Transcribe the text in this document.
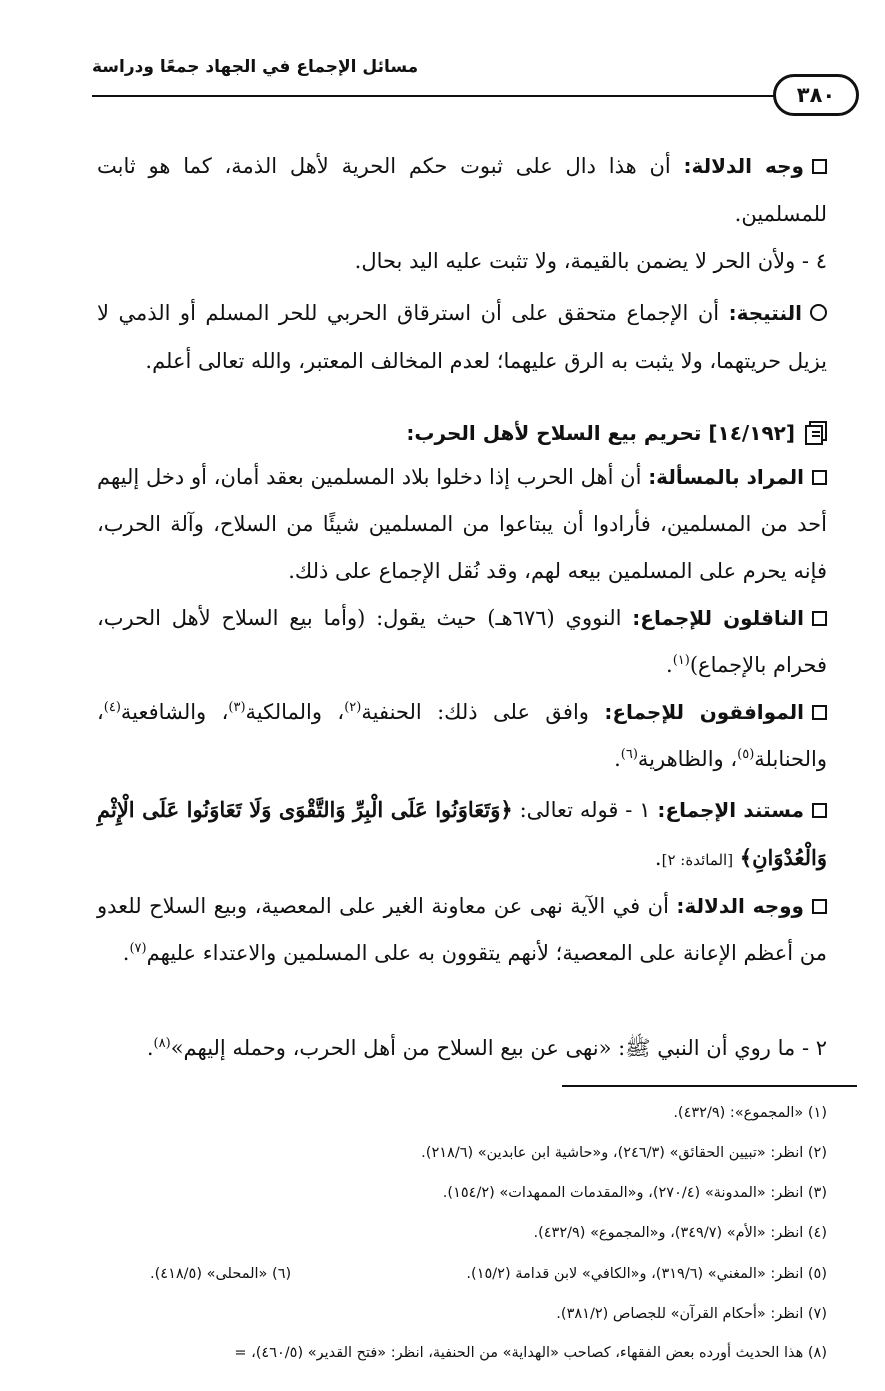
مسائل الإجماع في الجهاد جمعًا ودراسة
٣٨٠
وجه الدلالة: أن هذا دال على ثبوت حكم الحرية لأهل الذمة، كما هو ثابت للمسلمين.
٤ - ولأن الحر لا يضمن بالقيمة، ولا تثبت عليه اليد بحال.
النتيجة: أن الإجماع متحقق على أن استرقاق الحربي للحر المسلم أو الذمي لا يزيل حريتهما، ولا يثبت به الرق عليهما؛ لعدم المخالف المعتبر، والله تعالى أعلم.
[١٤/١٩٢] تحريم بيع السلاح لأهل الحرب:
المراد بالمسألة: أن أهل الحرب إذا دخلوا بلاد المسلمين بعقد أمان، أو دخل إليهم أحد من المسلمين، فأرادوا أن يبتاعوا من المسلمين شيئًا من السلاح، وآلة الحرب، فإنه يحرم على المسلمين بيعه لهم، وقد نُقل الإجماع على ذلك.
الناقلون للإجماع: النووي (٦٧٦هـ) حيث يقول: (وأما بيع السلاح لأهل الحرب، فحرام بالإجماع)$^{(١)}$.
الموافقون للإجماع: وافق على ذلك: الحنفية$^{(٢)}$، والمالكية$^{(٣)}$، والشافعية$^{(٤)}$، والحنابلة$^{(٥)}$، والظاهرية$^{(٦)}$.
مستند الإجماع: ١ - قوله تعالى: ﴿وَتَعَاوَنُوا عَلَى الْبِرِّ وَالتَّقْوَى وَلَا تَعَاوَنُوا عَلَى الْإِثْمِ وَالْعُدْوَانِ﴾ [المائدة: ٢].
ووجه الدلالة: أن في الآية نهى عن معاونة الغير على المعصية، وبيع السلاح للعدو من أعظم الإعانة على المعصية؛ لأنهم يتقوون به على المسلمين والاعتداء عليهم$^{(٧)}$.
٢ - ما روي أن النبي ﷺ: «نهى عن بيع السلاح من أهل الحرب، وحمله إليهم»$^{(٨)}$.
(١) «المجموع»: (٤٣٢/٩).
(٢) انظر: «تبيين الحقائق» (٢٤٦/٣)، و«حاشية ابن عابدين» (٢١٨/٦).
(٣) انظر: «المدونة» (٢٧٠/٤)، و«المقدمات الممهدات» (١٥٤/٢).
(٤) انظر: «الأم» (٣٤٩/٧)، و«المجموع» (٤٣٢/٩).
(٥) انظر: «المغني» (٣١٩/٦)، و«الكافي» لابن قدامة (١٥/٢).
(٦) «المحلى» (٤١٨/٥).
(٧) انظر: «أحكام القرآن» للجصاص (٣٨١/٢).
(٨) هذا الحديث أورده بعض الفقهاء، كصاحب «الهداية» من الحنفية، انظر: «فتح القدير» (٤٦٠/٥)، =
